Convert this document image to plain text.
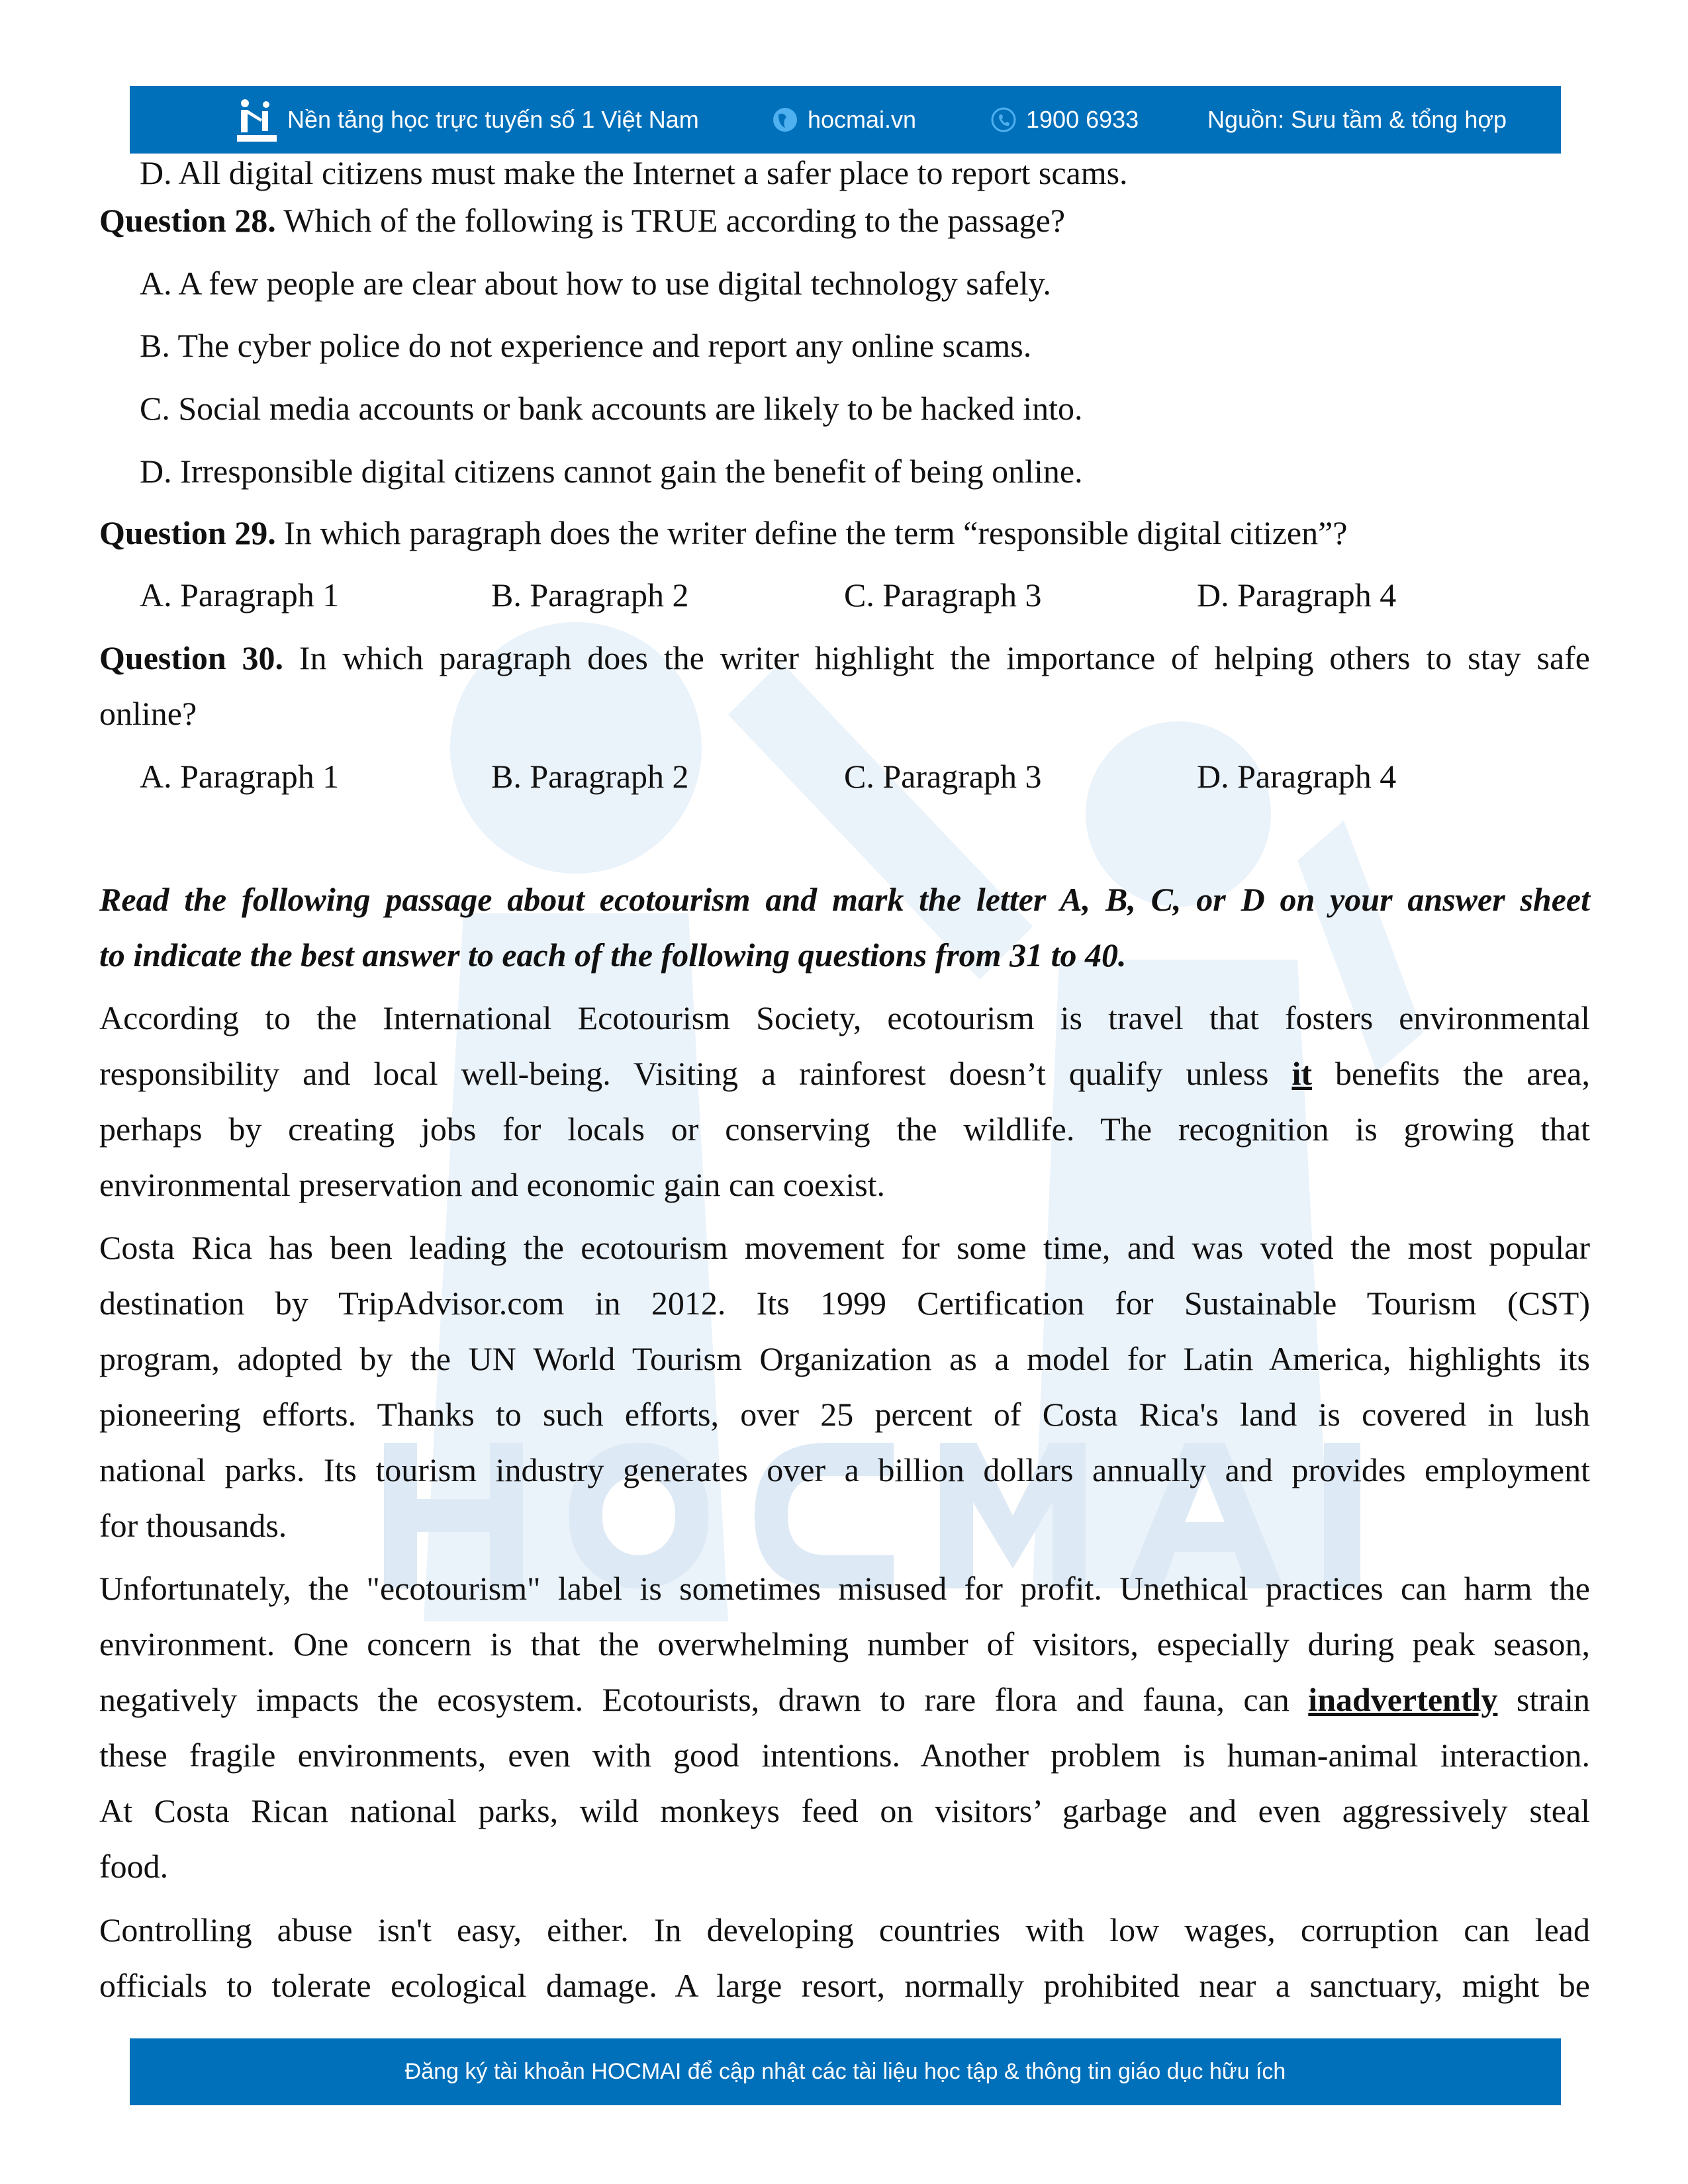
Nền tảng học trực tuyến số 1 Việt Nam	hocmai.vn	1900 6933	Nguồn: Sưu tầm & tổng hợp
D. All digital citizens must make the Internet a safer place to report scams.
Question 28. Which of the following is TRUE according to the passage?
A. A few people are clear about how to use digital technology safely.
B. The cyber police do not experience and report any online scams.
C. Social media accounts or bank accounts are likely to be hacked into.
D. Irresponsible digital citizens cannot gain the benefit of being online.
Question 29. In which paragraph does the writer define the term “responsible digital citizen”?
A. Paragraph 1	B. Paragraph 2	C. Paragraph 3	D. Paragraph 4
Question 30. In which paragraph does the writer highlight the importance of helping others to stay safe
online?
A. Paragraph 1	B. Paragraph 2	C. Paragraph 3	D. Paragraph 4
Read the following passage about ecotourism and mark the letter A, B, C, or D on your answer sheet
to indicate the best answer to each of the following questions from 31 to 40.
According to the International Ecotourism Society, ecotourism is travel that fosters environmental
responsibility and local well-being. Visiting a rainforest doesn’t qualify unless it benefits the area,
perhaps by creating jobs for locals or conserving the wildlife. The recognition is growing that
environmental preservation and economic gain can coexist.
Costa Rica has been leading the ecotourism movement for some time, and was voted the most popular
destination by TripAdvisor.com in 2012. Its 1999 Certification for Sustainable Tourism (CST)
program, adopted by the UN World Tourism Organization as a model for Latin America, highlights its
pioneering efforts. Thanks to such efforts, over 25 percent of Costa Rica's land is covered in lush
national parks. Its tourism industry generates over a billion dollars annually and provides employment
for thousands.
Unfortunately, the "ecotourism" label is sometimes misused for profit. Unethical practices can harm the
environment. One concern is that the overwhelming number of visitors, especially during peak season,
negatively impacts the ecosystem. Ecotourists, drawn to rare flora and fauna, can inadvertently strain
these fragile environments, even with good intentions. Another problem is human-animal interaction.
At Costa Rican national parks, wild monkeys feed on visitors’ garbage and even aggressively steal
food.
Controlling abuse isn't easy, either. In developing countries with low wages, corruption can lead
officials to tolerate ecological damage. A large resort, normally prohibited near a sanctuary, might be
Đăng ký tài khoản HOCMAI để cập nhật các tài liệu học tập & thông tin giáo dục hữu ích
